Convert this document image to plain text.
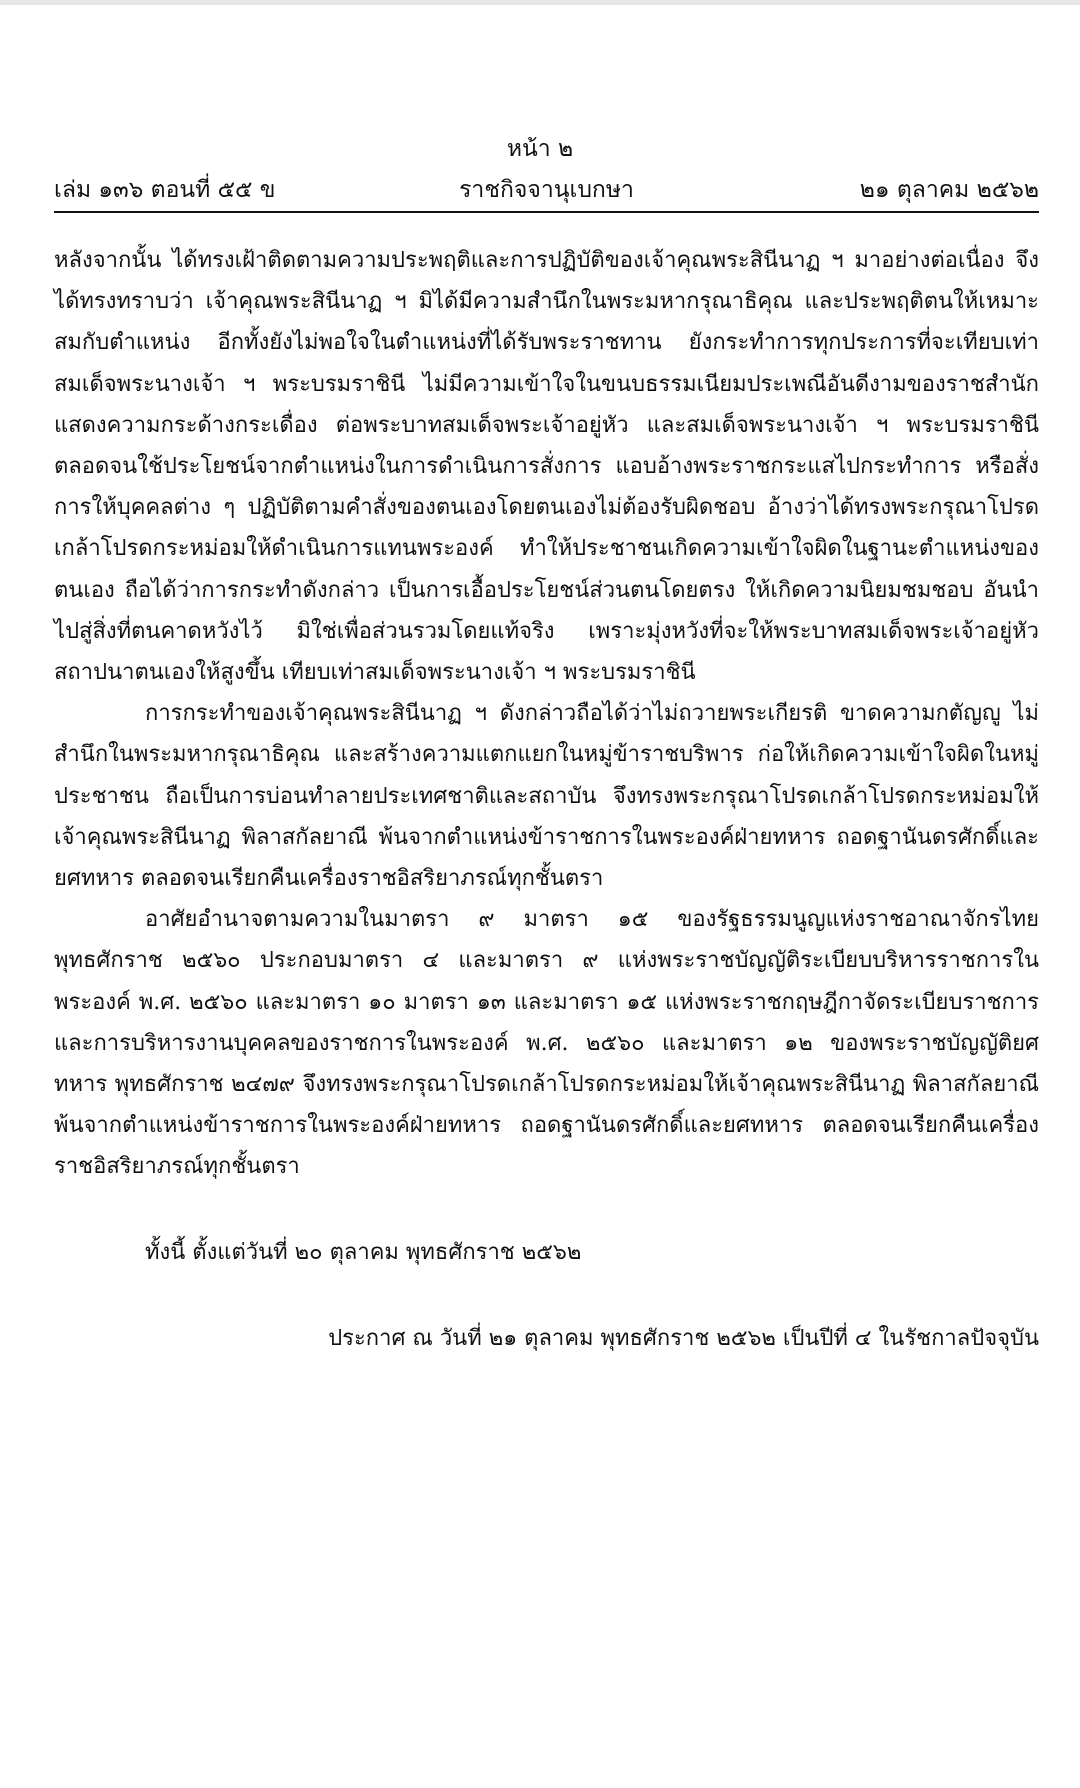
หน้า ๒
เล่ม ๑๓๖ ตอนที่ ๕๕ ข	ราชกิจจานุเบกษา	๒๑ ตุลาคม ๒๕๖๒

หลังจากนั้น ได้ทรงเฝ้าติดตามความประพฤติและการปฏิบัติของเจ้าคุณพระสินีนาฏ ฯ มาอย่างต่อเนื่อง จึงได้ทรงทราบว่า เจ้าคุณพระสินีนาฏ ฯ มิได้มีความสำนึกในพระมหากรุณาธิคุณ และประพฤติตนให้เหมาะสมกับตำแหน่ง อีกทั้งยังไม่พอใจในตำแหน่งที่ได้รับพระราชทาน ยังกระทำการทุกประการที่จะเทียบเท่าสมเด็จพระนางเจ้า ฯ พระบรมราชินี ไม่มีความเข้าใจในขนบธรรมเนียมประเพณีอันดีงามของราชสำนัก แสดงความกระด้างกระเดื่อง ต่อพระบาทสมเด็จพระเจ้าอยู่หัว และสมเด็จพระนางเจ้า ฯ พระบรมราชินี ตลอดจนใช้ประโยชน์จากตำแหน่งในการดำเนินการสั่งการ แอบอ้างพระราชกระแสไปกระทำการ หรือสั่งการให้บุคคลต่าง ๆ ปฏิบัติตามคำสั่งของตนเองโดยตนเองไม่ต้องรับผิดชอบ อ้างว่าได้ทรงพระกรุณาโปรดเกล้าโปรดกระหม่อมให้ดำเนินการแทนพระองค์ ทำให้ประชาชนเกิดความเข้าใจผิดในฐานะตำแหน่งของตนเอง ถือได้ว่าการกระทำดังกล่าว เป็นการเอื้อประโยชน์ส่วนตนโดยตรง ให้เกิดความนิยมชมชอบ อันนำไปสู่สิ่งที่ตนคาดหวังไว้ มิใช่เพื่อส่วนรวมโดยแท้จริง เพราะมุ่งหวังที่จะให้พระบาทสมเด็จพระเจ้าอยู่หัวสถาปนาตนเองให้สูงขึ้น เทียบเท่าสมเด็จพระนางเจ้า ฯ พระบรมราชินี

การกระทำของเจ้าคุณพระสินีนาฏ ฯ ดังกล่าวถือได้ว่าไม่ถวายพระเกียรติ ขาดความกตัญญู ไม่สำนึกในพระมหากรุณาธิคุณ และสร้างความแตกแยกในหมู่ข้าราชบริพาร ก่อให้เกิดความเข้าใจผิดในหมู่ประชาชน ถือเป็นการบ่อนทำลายประเทศชาติและสถาบัน จึงทรงพระกรุณาโปรดเกล้าโปรดกระหม่อมให้เจ้าคุณพระสินีนาฏ พิลาสกัลยาณี พ้นจากตำแหน่งข้าราชการในพระองค์ฝ่ายทหาร ถอดฐานันดรศักดิ์และยศทหาร ตลอดจนเรียกคืนเครื่องราชอิสริยาภรณ์ทุกชั้นตรา

อาศัยอำนาจตามความในมาตรา ๙ มาตรา ๑๕ ของรัฐธรรมนูญแห่งราชอาณาจักรไทย พุทธศักราช ๒๕๖๐ ประกอบมาตรา ๔ และมาตรา ๙ แห่งพระราชบัญญัติระเบียบบริหารราชการในพระองค์ พ.ศ. ๒๕๖๐ และมาตรา ๑๐ มาตรา ๑๓ และมาตรา ๑๕ แห่งพระราชกฤษฎีกาจัดระเบียบราชการและการบริหารงานบุคคลของราชการในพระองค์ พ.ศ. ๒๕๖๐ และมาตรา ๑๒ ของพระราชบัญญัติยศทหาร พุทธศักราช ๒๔๗๙ จึงทรงพระกรุณาโปรดเกล้าโปรดกระหม่อมให้เจ้าคุณพระสินีนาฏ พิลาสกัลยาณี พ้นจากตำแหน่งข้าราชการในพระองค์ฝ่ายทหาร ถอดฐานันดรศักดิ์และยศทหาร ตลอดจนเรียกคืนเครื่องราชอิสริยาภรณ์ทุกชั้นตรา

ทั้งนี้ ตั้งแต่วันที่ ๒๐ ตุลาคม พุทธศักราช ๒๕๖๒
ประกาศ ณ วันที่ ๒๑ ตุลาคม พุทธศักราช ๒๕๖๒ เป็นปีที่ ๔ ในรัชกาลปัจจุบัน
